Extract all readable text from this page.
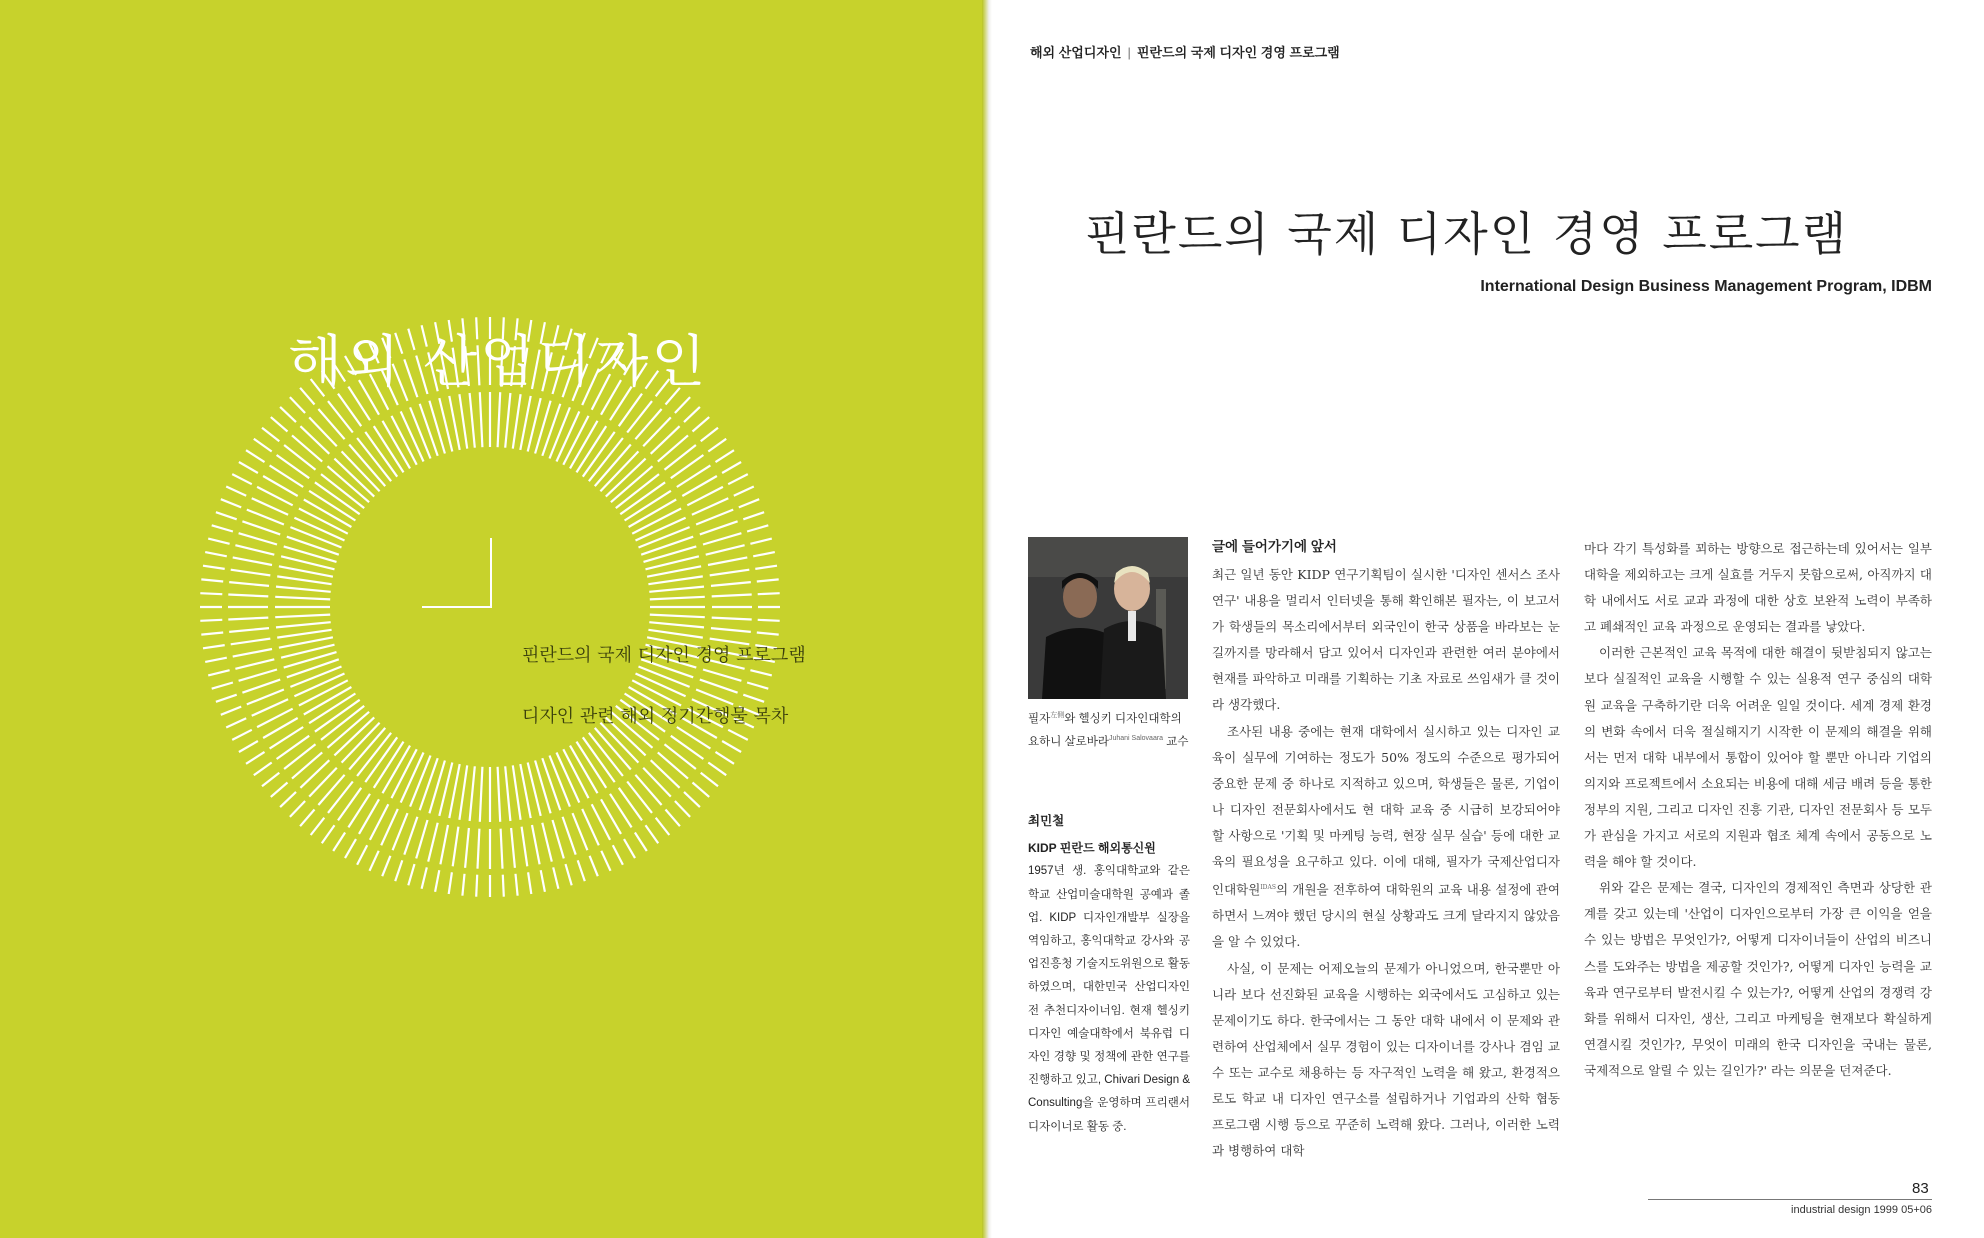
해외 산업디자인
핀란드의 국제 디자인 경영 프로그램
디자인 관련 해외 정기간행물 목차
해외 산업디자인 | 핀란드의 국제 디자인 경영 프로그램
핀란드의 국제 디자인 경영 프로그램
International Design Business Management Program, IDBM
필자$^{左側}$와 헬싱키 디자인대학의
요하니 살로바라$^{Juhani Salovaara}$ 교수
최민철
KIDP 핀란드 해외통신원
1957년 생. 홍익대학교와 같은 학교 산업미술대학원 공예과 졸업. KIDP 디자인개발부 실장을 역임하고, 홍익대학교 강사와 공업진흥청 기술지도위원으로 활동하였으며, 대한민국 산업디자인전 추천디자이너임. 현재 헬싱키 디자인 예술대학에서 북유럽 디자인 경향 및 정책에 관한 연구를 진행하고 있고, Chivari Design & Consulting을 운영하며 프리랜서 디자이너로 활동 중.
글에 들어가기에 앞서

최근 일년 동안 KIDP 연구기획팀이 실시한 '디자인 센서스 조사연구' 내용을 멀리서 인터넷을 통해 확인해본 필자는, 이 보고서가 학생들의 목소리에서부터 외국인이 한국 상품을 바라보는 눈길까지를 망라해서 담고 있어서 디자인과 관련한 여러 분야에서 현재를 파악하고 미래를 기획하는 기초 자료로 쓰임새가 클 것이라 생각했다.

조사된 내용 중에는 현재 대학에서 실시하고 있는 디자인 교육이 실무에 기여하는 정도가 50% 정도의 수준으로 평가되어 중요한 문제 중 하나로 지적하고 있으며, 학생들은 물론, 기업이나 디자인 전문회사에서도 현 대학 교육 중 시급히 보강되어야 할 사항으로 '기획 및 마케팅 능력, 현장 실무 실습' 등에 대한 교육의 필요성을 요구하고 있다. 이에 대해, 필자가 국제산업디자인대학원$^{IDAS}$의 개원을 전후하여 대학원의 교육 내용 설정에 관여하면서 느껴야 했던 당시의 현실 상황과도 크게 달라지지 않았음을 알 수 있었다.

사실, 이 문제는 어제오늘의 문제가 아니었으며, 한국뿐만 아니라 보다 선진화된 교육을 시행하는 외국에서도 고심하고 있는 문제이기도 하다. 한국에서는 그 동안 대학 내에서 이 문제와 관련하여 산업체에서 실무 경험이 있는 디자이너를 강사나 겸임 교수 또는 교수로 채용하는 등 자구적인 노력을 해 왔고, 환경적으로도 학교 내 디자인 연구소를 설립하거나 기업과의 산학 협동 프로그램 시행 등으로 꾸준히 노력해 왔다. 그러나, 이러한 노력과 병행하여 대학

마다 각기 특성화를 꾀하는 방향으로 접근하는데 있어서는 일부 대학을 제외하고는 크게 실효를 거두지 못함으로써, 아직까지 대학 내에서도 서로 교과 과정에 대한 상호 보완적 노력이 부족하고 폐쇄적인 교육 과정으로 운영되는 결과를 낳았다.

이러한 근본적인 교육 목적에 대한 해결이 뒷받침되지 않고는 보다 실질적인 교육을 시행할 수 있는 실용적 연구 중심의 대학원 교육을 구축하기란 더욱 어려운 일일 것이다. 세계 경제 환경의 변화 속에서 더욱 절실해지기 시작한 이 문제의 해결을 위해서는 먼저 대학 내부에서 통합이 있어야 할 뿐만 아니라 기업의 의지와 프로젝트에서 소요되는 비용에 대해 세금 배려 등을 통한 정부의 지원, 그리고 디자인 진흥 기관, 디자인 전문회사 등 모두가 관심을 가지고 서로의 지원과 협조 체계 속에서 공동으로 노력을 해야 할 것이다.

위와 같은 문제는 결국, 디자인의 경제적인 측면과 상당한 관계를 갖고 있는데 '산업이 디자인으로부터 가장 큰 이익을 얻을 수 있는 방법은 무엇인가?, 어떻게 디자이너들이 산업의 비즈니스를 도와주는 방법을 제공할 것인가?, 어떻게 디자인 능력을 교육과 연구로부터 발전시킬 수 있는가?, 어떻게 산업의 경쟁력 강화를 위해서 디자인, 생산, 그리고 마케팅을 현재보다 확실하게 연결시킬 것인가?, 무엇이 미래의 한국 디자인을 국내는 물론, 국제적으로 알릴 수 있는 길인가?' 라는 의문을 던져준다.

83
industrial design 1999 05+06
